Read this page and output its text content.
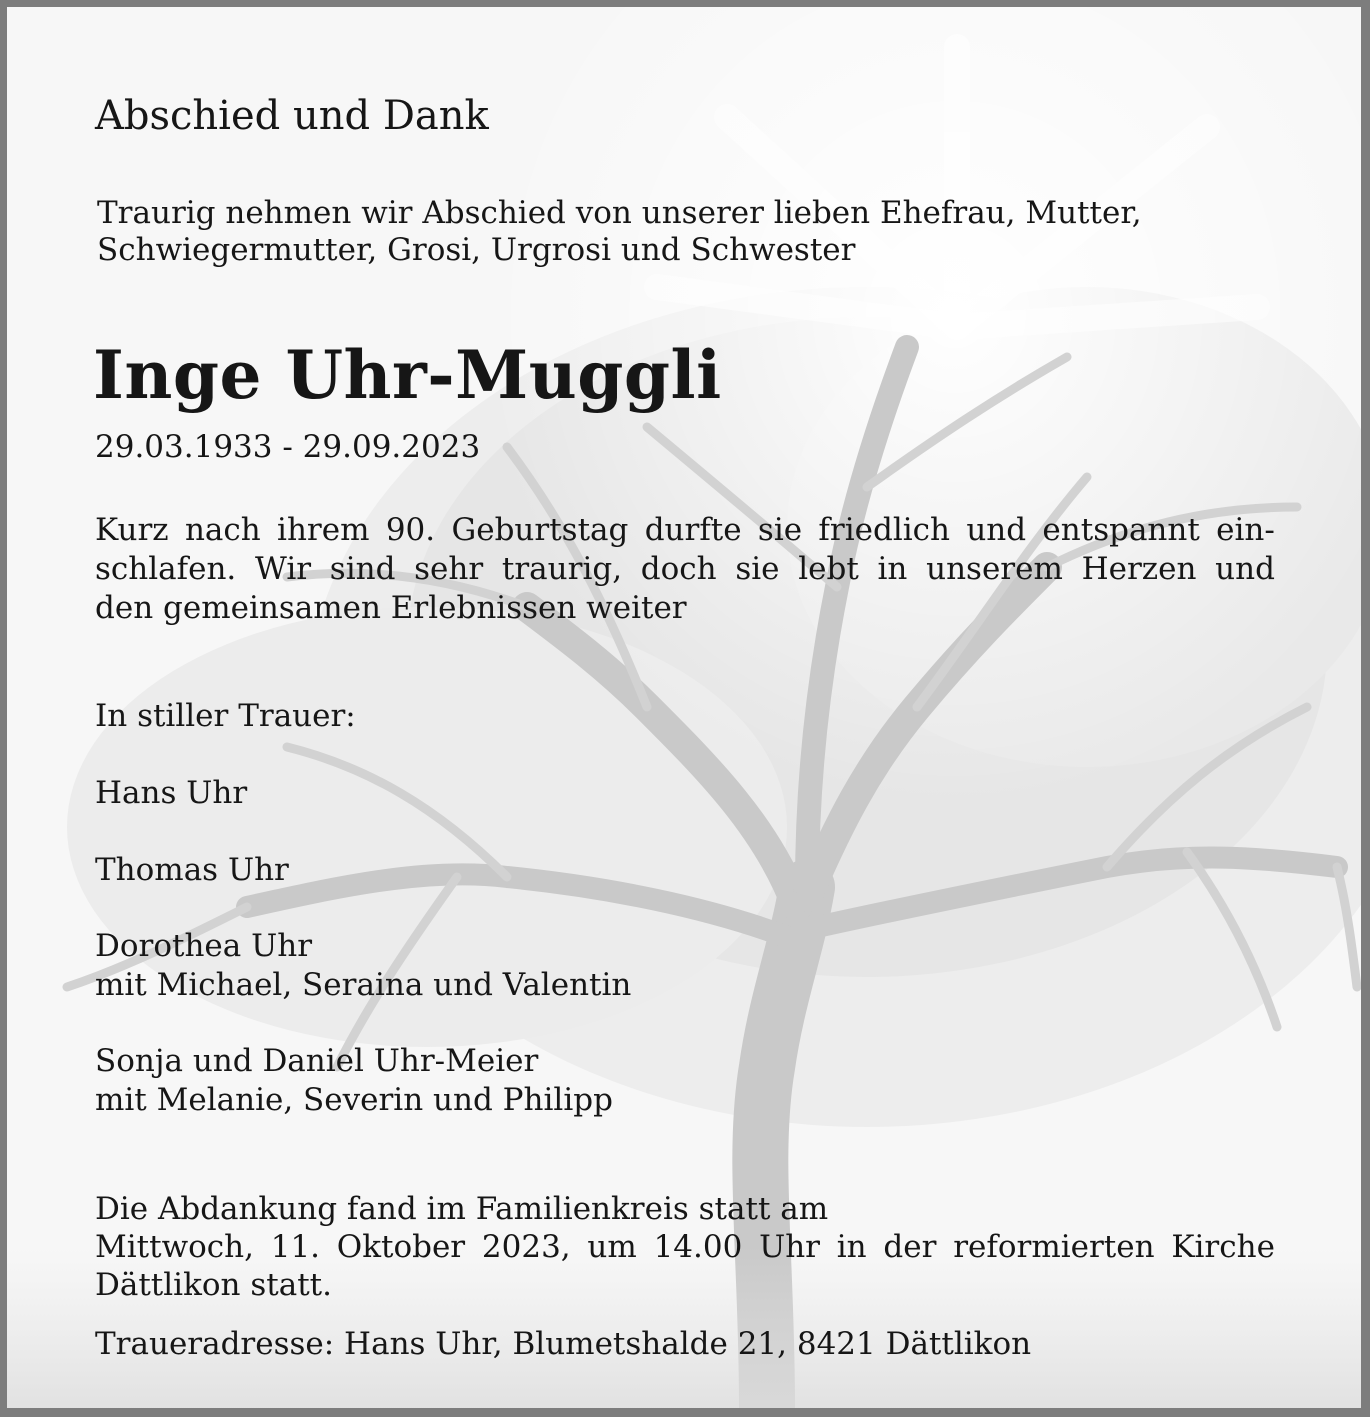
Abschied und Dank
Traurig nehmen wir Abschied von unserer lieben Ehefrau, Mutter,
Schwiegermutter, Grosi, Urgrosi und Schwester
Inge Uhr-Muggli
29.03.1933 - 29.09.2023
Kurz nach ihrem 90. Geburtstag durfte sie friedlich und entspannt ein-
schlafen. Wir sind sehr traurig, doch sie lebt in unserem Herzen und
den gemeinsamen Erlebnissen weiter
In stiller Trauer:
Hans Uhr
Thomas Uhr
Dorothea Uhr
mit Michael, Seraina und Valentin
Sonja und Daniel Uhr-Meier
mit Melanie, Severin und Philipp
Die Abdankung fand im Familienkreis statt am
Mittwoch, 11. Oktober 2023, um 14.00 Uhr in der reformierten Kirche
Dättlikon statt.
Traueradresse: Hans Uhr, Blumetshalde 21, 8421 Dättlikon
